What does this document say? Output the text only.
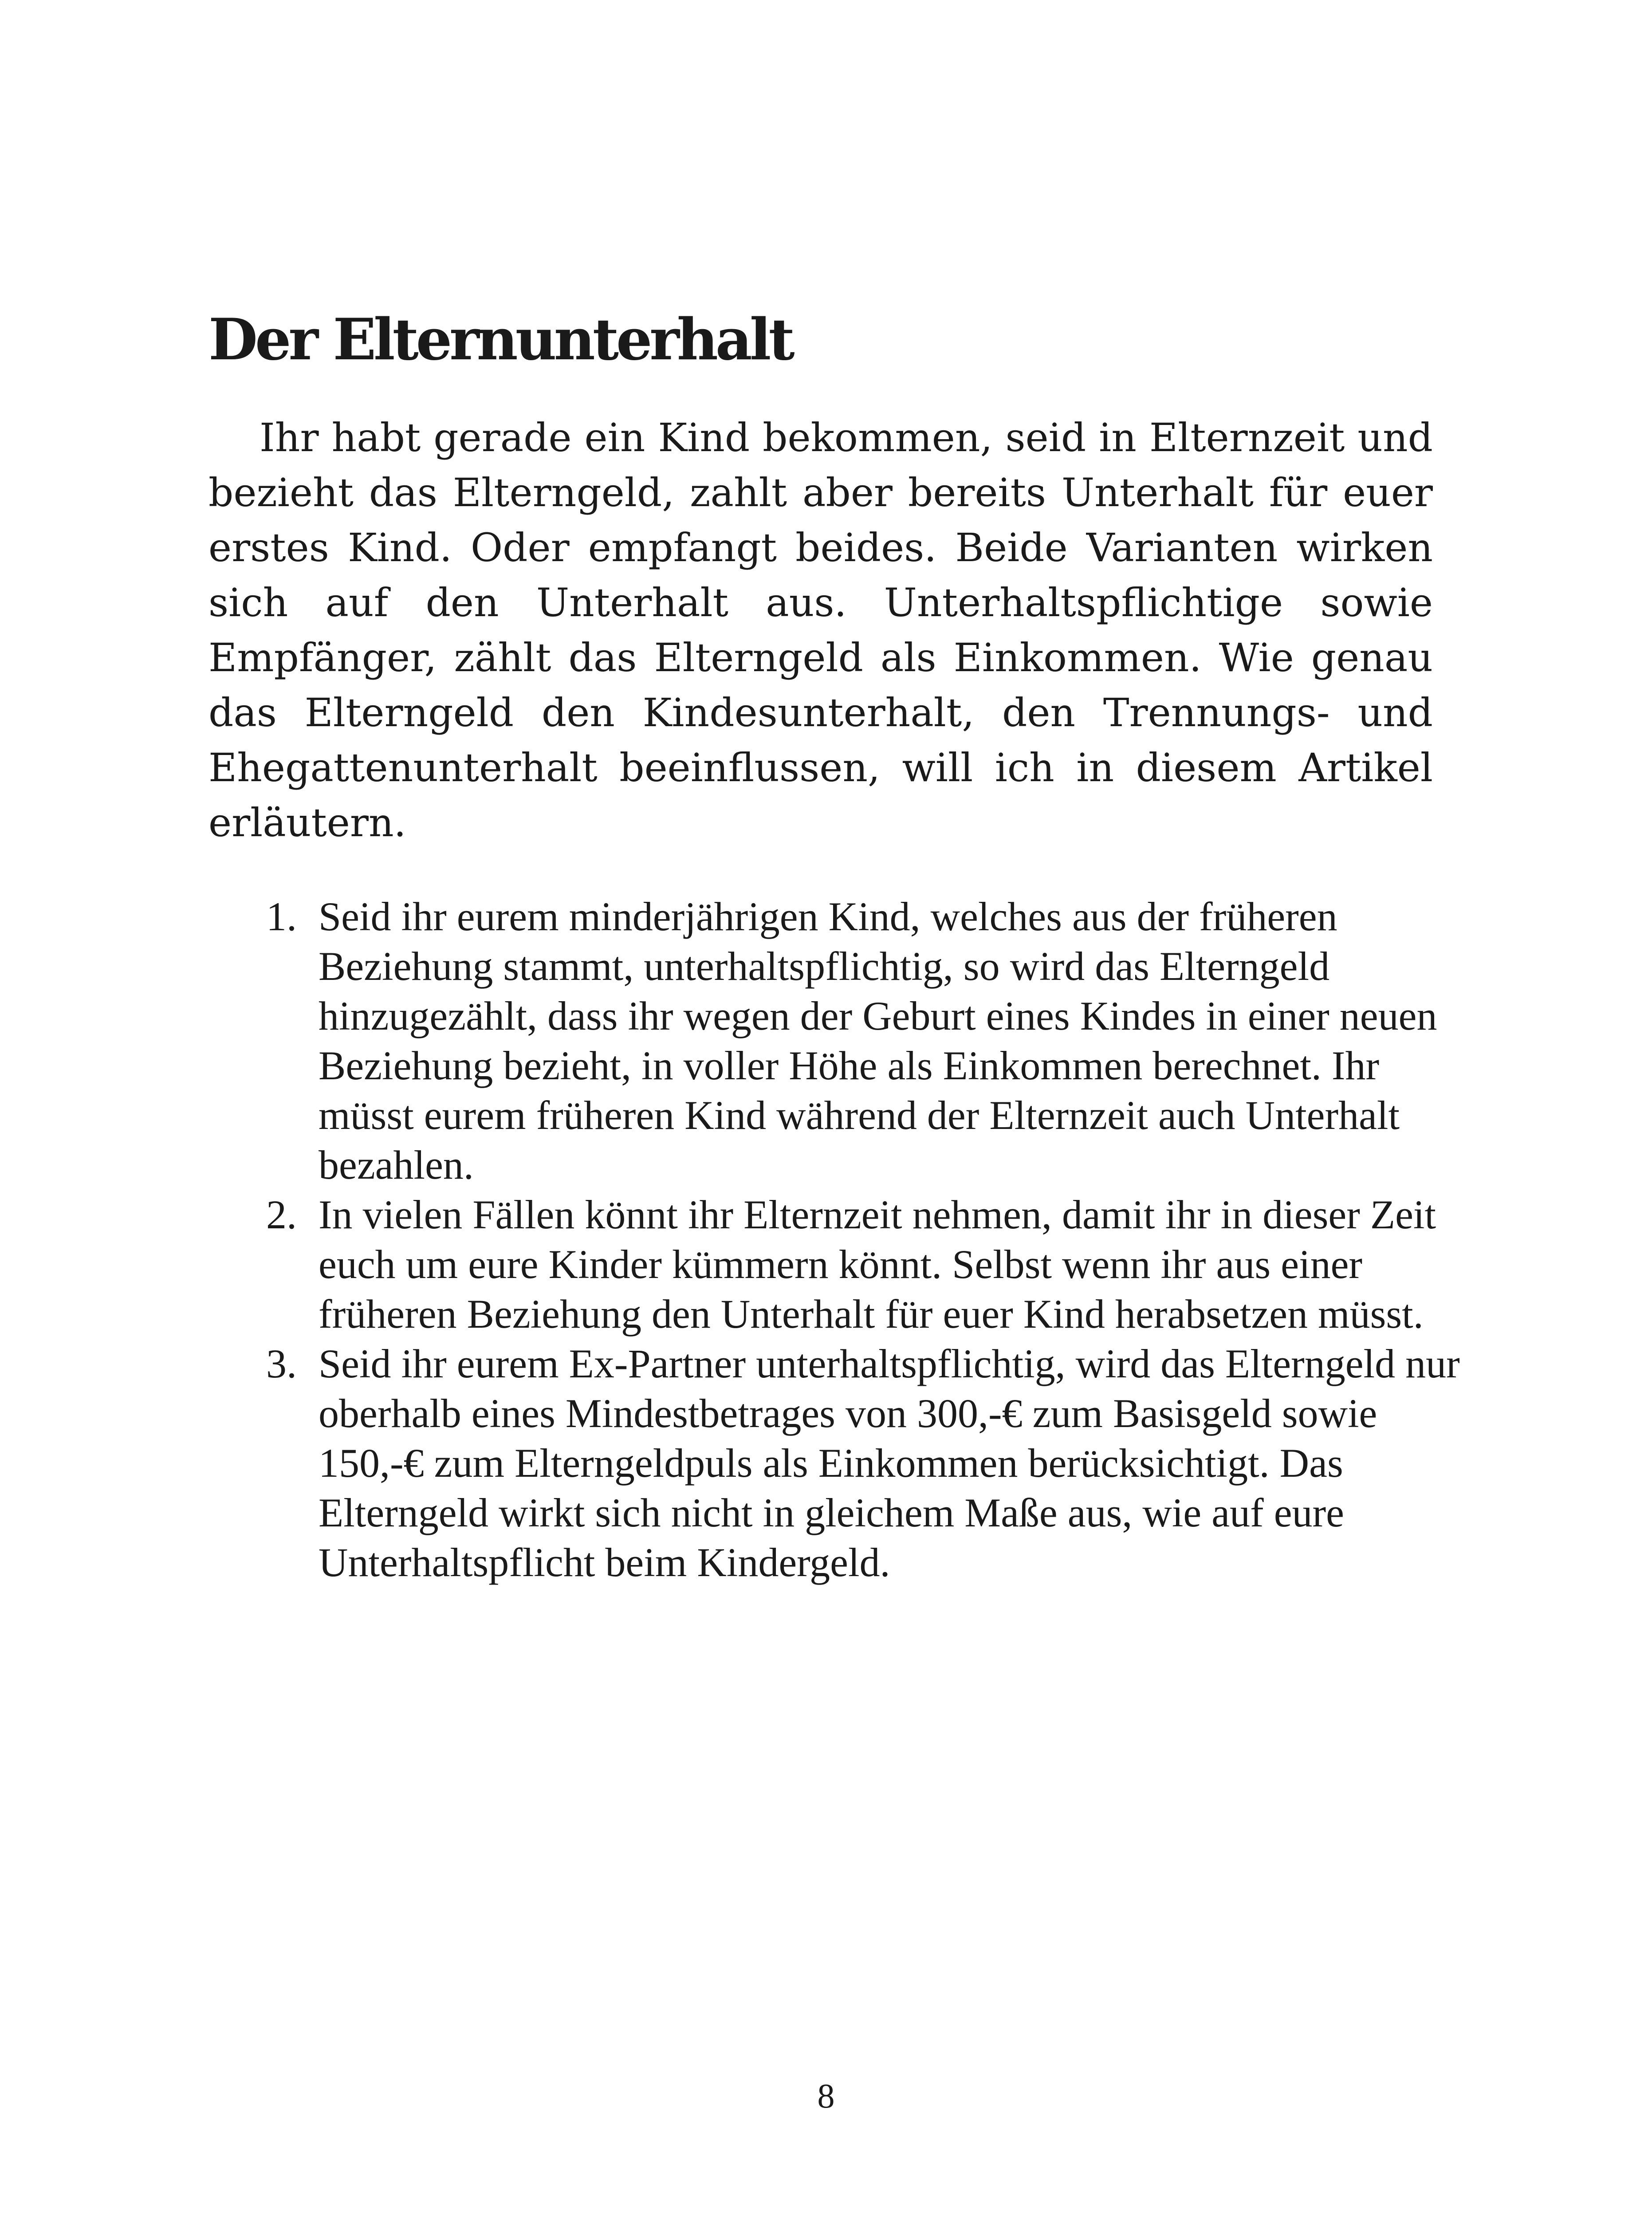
Der Elternunterhalt

Ihr habt gerade ein Kind bekommen, seid in Elternzeit und bezieht das Elterngeld, zahlt aber bereits Unterhalt für euer erstes Kind. Oder empfangt beides. Beide Varianten wirken sich auf den Unterhalt aus. Unterhaltspflichtige sowie Empfänger, zählt das Elterngeld als Einkommen. Wie genau das Elterngeld den Kindesunterhalt, den Trennungs- und Ehegattenunterhalt beeinflussen, will ich in diesem Artikel erläutern.

1. Seid ihr eurem minderjährigen Kind, welches aus der früheren Beziehung stammt, unterhaltspflichtig, so wird das Elterngeld hinzugezählt, dass ihr wegen der Geburt eines Kindes in einer neuen Beziehung bezieht, in voller Höhe als Einkommen berechnet. Ihr müsst eurem früheren Kind während der Elternzeit auch Unterhalt bezahlen.
2. In vielen Fällen könnt ihr Elternzeit nehmen, damit ihr in dieser Zeit euch um eure Kinder kümmern könnt. Selbst wenn ihr aus einer früheren Beziehung den Unterhalt für euer Kind herabsetzen müsst.
3. Seid ihr eurem Ex-Partner unterhaltspflichtig, wird das Elterngeld nur oberhalb eines Mindestbetrages von 300,-€ zum Basisgeld sowie 150,-€ zum Elterngeldpuls als Einkommen berücksichtigt. Das Elterngeld wirkt sich nicht in gleichem Maße aus, wie auf eure Unterhaltspflicht beim Kindergeld.
8
